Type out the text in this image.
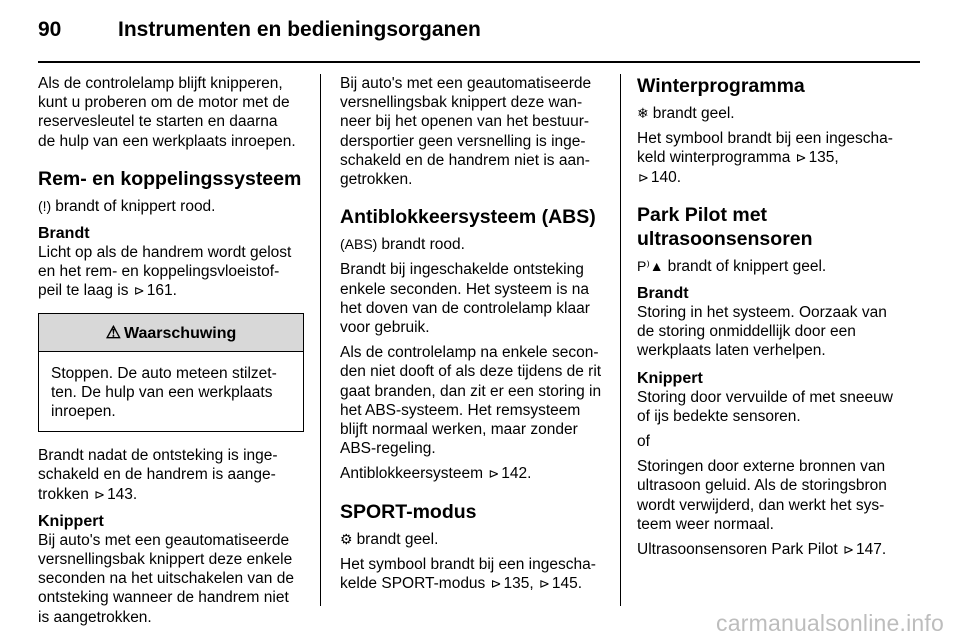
90	Instrumenten en bedieningsorganen

Als de controlelamp blijft knipperen,
kunt u proberen om de motor met de
reservesleutel te starten en daarna
de hulp van een werkplaats inroepen.

Rem- en koppelingssysteem
(!) brandt of knippert rood.
Brandt

Licht op als de handrem wordt gelost
en het rem- en koppelingsvloeistof-
peil te laag is ⊳ 161.

⚠ Waarschuwing
Stoppen. De auto meteen stilzet-
ten. De hulp van een werkplaats
inroepen.

Brandt nadat de ontsteking is inge-
schakeld en de handrem is aange-
trokken ⊳ 143.

Knippert

Bij auto's met een geautomatiseerde
versnellingsbak knippert deze enkele
seconden na het uitschakelen van de
ontsteking wanneer de handrem niet
is aangetrokken.

Bij auto's met een geautomatiseerde
versnellingsbak knippert deze wan-
neer bij het openen van het bestuur-
dersportier geen versnelling is inge-
schakeld en de handrem niet is aan-
getrokken.

Antiblokkeersysteem (ABS)
(ABS) brandt rood.

Brandt bij ingeschakelde ontsteking
enkele seconden. Het systeem is na
het doven van de controlelamp klaar
voor gebruik.

Als de controlelamp na enkele secon-
den niet dooft of als deze tijdens de rit
gaat branden, dan zit er een storing in
het ABS-systeem. Het remsysteem
blijft normaal werken, maar zonder
ABS-regeling.

Antiblokkeersysteem ⊳ 142.

SPORT-modus
⚙ brandt geel.

Het symbool brandt bij een ingescha-
kelde SPORT-modus ⊳ 135, ⊳ 145.

Winterprogramma
❄ brandt geel.

Het symbool brandt bij een ingescha-
keld winterprogramma ⊳ 135,
⊳ 140.

Park Pilot met
ultrasoonsensoren
P⁾▲ brandt of knippert geel.
Brandt

Storing in het systeem. Oorzaak van
de storing onmiddellijk door een
werkplaats laten verhelpen.

Knippert

Storing door vervuilde of met sneeuw
of ijs bedekte sensoren.

of

Storingen door externe bronnen van
ultrasoon geluid. Als de storingsbron
wordt verwijderd, dan werkt het sys-
teem weer normaal.

Ultrasoonsensoren Park Pilot ⊳ 147.

carmanualsonline.info
